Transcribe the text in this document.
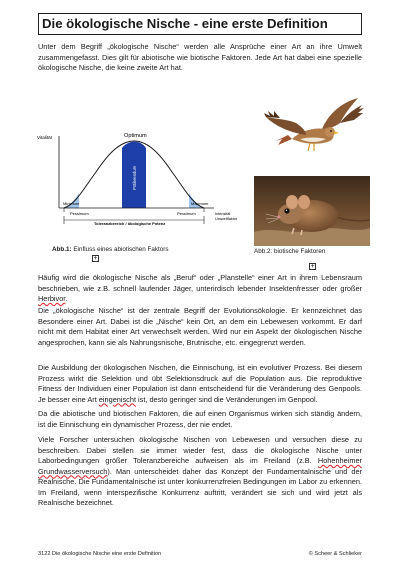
Die ökologische Nische - eine erste Definition

Unter dem Begriff „ökologische Nische“ werden alle Ansprüche einer Art an ihre Umwelt zusammengefasst. Dies gilt für abiotische wie biotische Faktoren. Jede Art hat dabei eine spezielle ökologische Nische, die keine zweite Art hat.

Vitalität	Optimum
Präferendum
Minimum	Maximum
Pessimum	Pessimum	Intensität
Umweltfaktor
Toleranzbereich / ökologische Potenz
Abb.1: Einfluss eines abiotischen Faktors
+
Abb.2: biotische Faktoren
+

Häufig wird die ökologische Nische als „Beruf“ oder „Planstelle“ einer Art in ihrem Lebensraum beschrieben, wie z.B. schnell laufender Jäger, unterirdisch lebender Insektenfresser oder großer Herbivor.

Die „ökologische Nische“ ist der zentrale Begriff der Evolutionsökologie. Er kennzeichnet das Besondere einer Art. Dabei ist die „Nische“ kein Ort, an dem ein Lebewesen vorkommt. Er darf nicht mit dem Habitat einer Art verwechselt werden. Wird nur ein Aspekt der ökologischen Nische angesprochen, kann sie als Nahrungsnische, Brutnische, etc. eingegrenzt werden.

Die Ausbildung der ökologischen Nischen, die Einnischung, ist ein evolutiver Prozess. Bei diesem Prozess wirkt die Selektion und übt Selektionsdruck auf die Population aus. Die reproduktive Fitness der Individuen einer Population ist dann entscheidend für die Veränderung des Genpools. Je besser eine Art eingenischt ist, desto geringer sind die Veränderungen im Genpool.

Da die abiotische und biotischen Faktoren, die auf einen Organismus wirken sich ständig ändern, ist die Einnischung ein dynamischer Prozess, der nie endet.

Viele Forscher untersuchen ökologische Nischen von Lebewesen und versuchen diese zu beschreiben. Dabei stellen sie immer wieder fest, dass die ökologische Nische unter Laborbedingungen größer Toleranzbereiche aufweisen als im Freiland (z.B. Hohenheimer Grundwasserversuch). Man unterscheidet daher das Konzept der Fundamentalnische und der Realnische. Die Fundamentalnische ist unter konkurrenzfreien Bedingungen im Labor zu erkennen. Im Freiland, wenn interspezifische Konkurrenz auftritt, verändert sie sich und wird jetzt als Realnische bezeichnet.

3122 Die ökologische Nische eine erste Definition	© Scheer & Schlieker
